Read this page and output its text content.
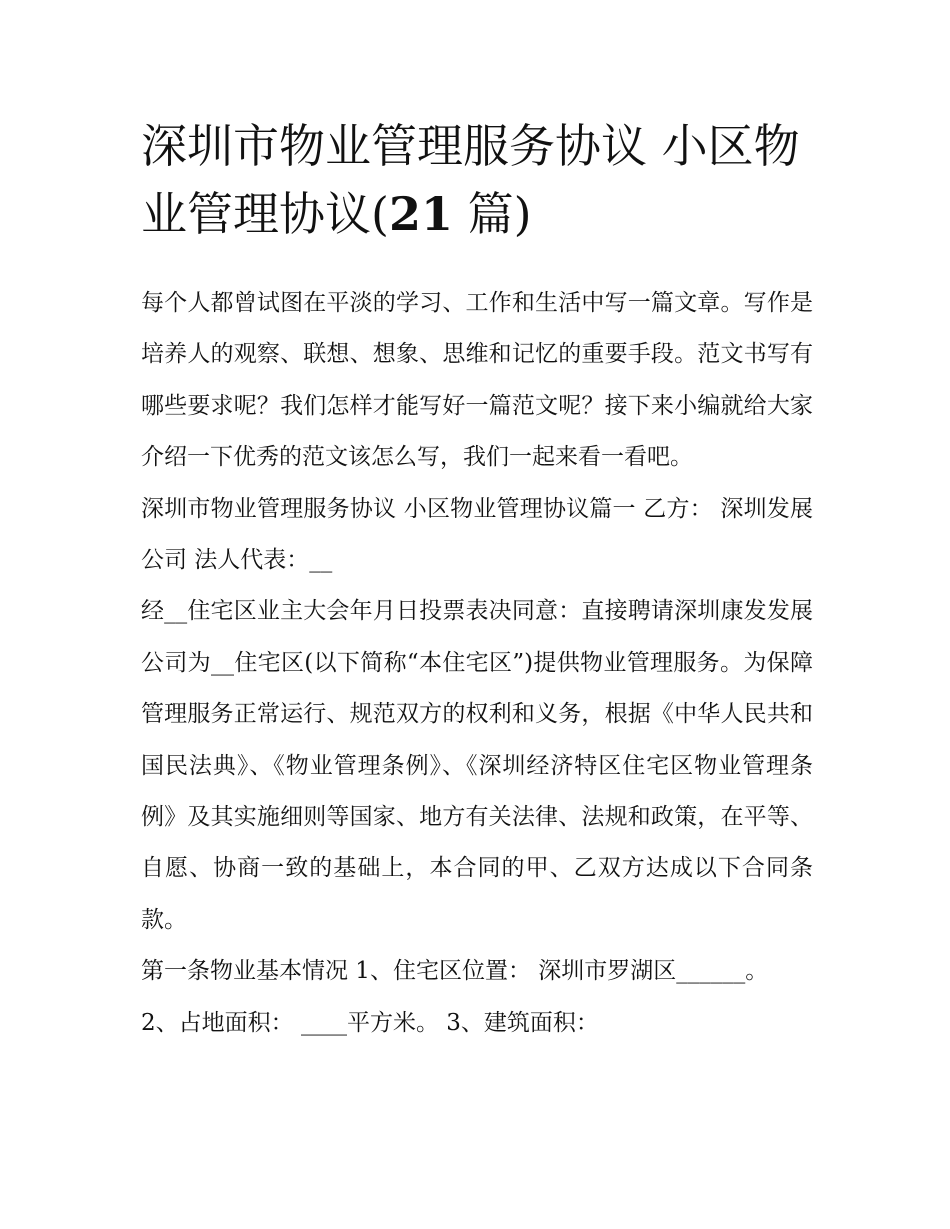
深圳市物业管理服务协议 小区物业管理协议(21 篇)

每个人都曾试图在平淡的学习、工作和生活中写一篇文章。写作是培养人的观察、联想、想象、思维和记忆的重要手段。范文书写有哪些要求呢？我们怎样才能写好一篇范文呢？接下来小编就给大家介绍一下优秀的范文该怎么写，我们一起来看一看吧。

深圳市物业管理服务协议 小区物业管理协议篇一 乙方： 深圳发展公司 法人代表：__

经__住宅区业主大会年月日投票表决同意：直接聘请深圳康发发展公司为__住宅区(以下简称“本住宅区”)提供物业管理服务。为保障管理服务正常运行、规范双方的权利和义务，根据《中华人民共和国民法典》、《物业管理条例》、《深圳经济特区住宅区物业管理条例》及其实施细则等国家、地方有关法律、法规和政策，在平等、自愿、协商一致的基础上，本合同的甲、乙双方达成以下合同条款。

第一条物业基本情况 1、住宅区位置： 深圳市罗湖区______。

2、占地面积： ____平方米。 3、建筑面积：
